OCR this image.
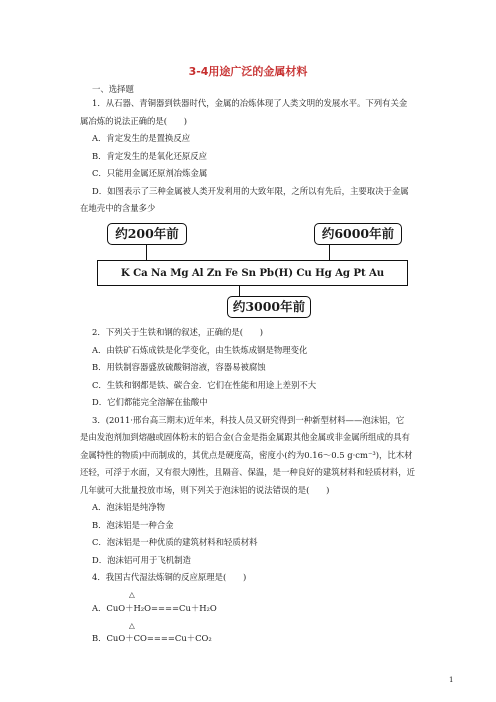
3-4用途广泛的金属材料
一、选择题
1．从石器、青铜器到铁器时代，金属的冶炼体现了人类文明的发展水平。下列有关金
属冶炼的说法正确的是(　　)
A．肯定发生的是置换反应
B．肯定发生的是氧化还原反应
C．只能用金属还原剂冶炼金属
D．如图表示了三种金属被人类开发利用的大致年限，之所以有先后，主要取决于金属
在地壳中的含量多少
约200年前	约6000年前
K Ca Na Mg Al Zn Fe Sn Pb(H) Cu Hg Ag Pt Au
约3000年前
2．下列关于生铁和钢的叙述，正确的是(　　)
A．由铁矿石炼成铁是化学变化，由生铁炼成钢是物理变化
B．用铁制容器盛放硫酸铜溶液，容器易被腐蚀
C．生铁和钢都是铁、碳合金．它们在性能和用途上差别不大
D．它们都能完全溶解在盐酸中
3．(2011·邢台高三期末)近年来，科技人员又研究得到一种新型材料——泡沫铝，它
是由发泡剂加到熔融或固体粉末的铝合金(合金是指金属跟其他金属或非金属所组成的具有
金属特性的物质)中而制成的，其优点是硬度高，密度小(约为0.16～0.5 g·cm⁻³)，比木材
还轻，可浮于水面，又有很大刚性，且隔音、保温，是一种良好的建筑材料和轻质材料，近
几年就可大批量投放市场，则下列关于泡沫铝的说法错误的是(　　)
A．泡沫铝是纯净物
B．泡沫铝是一种合金
C．泡沫铝是一种优质的建筑材料和轻质材料
D．泡沫铝可用于飞机制造
4．我国古代湿法炼铜的反应原理是(　　)
△
A．CuO＋H₂O====Cu＋H₂O
△
B．CuO＋CO====Cu＋CO₂
1
